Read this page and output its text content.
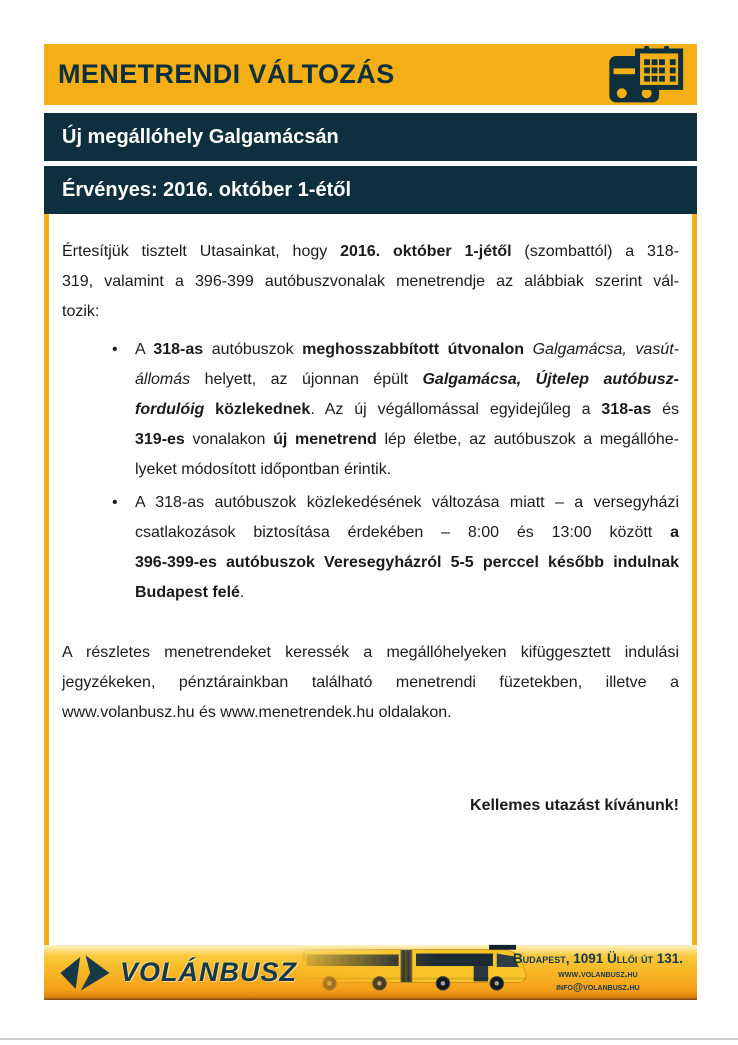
MENETRENDI VÁLTOZÁS
Új megállóhely Galgamácsán
Érvényes: 2016. október 1-étől
Értesítjük tisztelt Utasainkat, hogy 2016. október 1-jétől (szombattól) a 318-
319, valamint a 396-399 autóbuszvonalak menetrendje az alábbiak szerint vál-
tozik:
•	A 318-as autóbuszok meghosszabbított útvonalon Galgamácsa, vasút-
állomás helyett, az újonnan épült Galgamácsa, Újtelep autóbusz-
fordulóig közlekednek. Az új végállomással egyidejűleg a 318-as és
319-es vonalakon új menetrend lép életbe, az autóbuszok a megállóhe-
lyeket módosított időpontban érintik.
•	A 318-as autóbuszok közlekedésének változása miatt – a versegyházi
csatlakozások biztosítása érdekében – 8:00 és 13:00 között a
396-399-es autóbuszok Veresegyházról 5-5 perccel később indulnak
Budapest felé.
A részletes menetrendeket keressék a megállóhelyeken kifüggesztett indulási
jegyzékeken, pénztárainkban található menetrendi füzetekben, illetve a
www.volanbusz.hu és www.menetrendek.hu oldalakon.
Kellemes utazást kívánunk!
VOLÁNBUSZ	Budapest, 1091 Üllői út 131.
www.volanbusz.hu
info@volanbusz.hu
